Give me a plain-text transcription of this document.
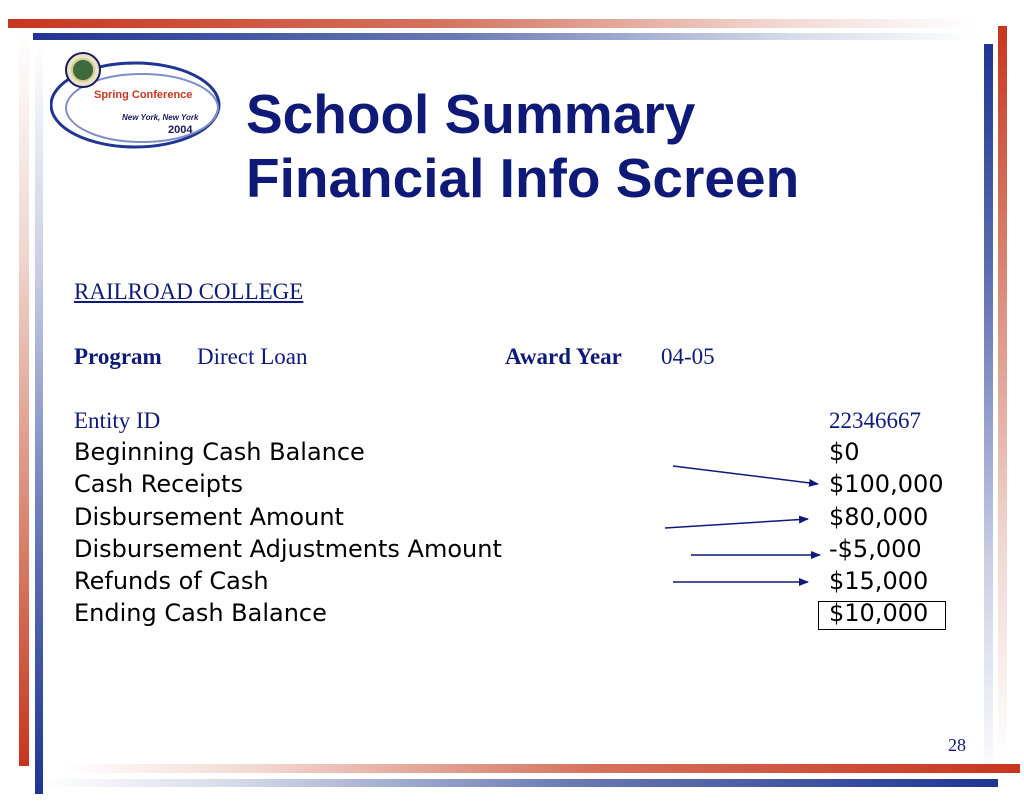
Spring Conference
New York, New York
2004 School Summary
Financial Info Screen
RAILROAD COLLEGE
Program Direct Loan	Award Year 04-05
Entity ID	22346667
Beginning Cash Balance	$0
Cash Receipts	$100,000
Disbursement Amount	$80,000
Disbursement Adjustments Amount	-$5,000
Refunds of Cash	$15,000
Ending Cash Balance	$10,000
28
